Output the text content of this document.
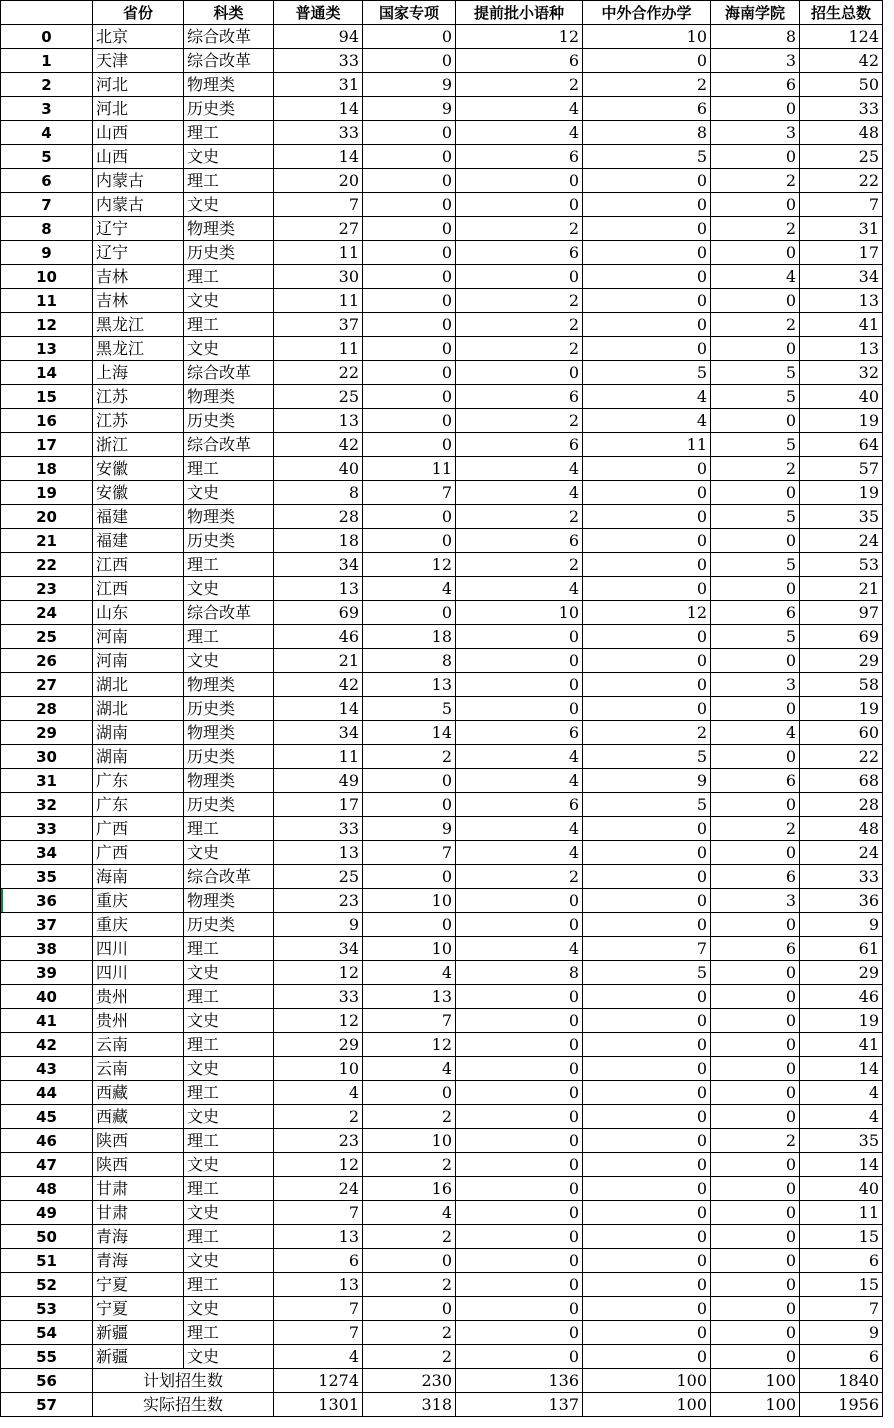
	省份	科类	普通类	国家专项	提前批小语种	中外合作办学	海南学院	招生总数
0	北京	综合改革	94	0	12	10	8	124
1	天津	综合改革	33	0	6	0	3	42
2	河北	物理类	31	9	2	2	6	50
3	河北	历史类	14	9	4	6	0	33
4	山西	理工	33	0	4	8	3	48
5	山西	文史	14	0	6	5	0	25
6	内蒙古	理工	20	0	0	0	2	22
7	内蒙古	文史	7	0	0	0	0	7
8	辽宁	物理类	27	0	2	0	2	31
9	辽宁	历史类	11	0	6	0	0	17
10	吉林	理工	30	0	0	0	4	34
11	吉林	文史	11	0	2	0	0	13
12	黑龙江	理工	37	0	2	0	2	41
13	黑龙江	文史	11	0	2	0	0	13
14	上海	综合改革	22	0	0	5	5	32
15	江苏	物理类	25	0	6	4	5	40
16	江苏	历史类	13	0	2	4	0	19
17	浙江	综合改革	42	0	6	11	5	64
18	安徽	理工	40	11	4	0	2	57
19	安徽	文史	8	7	4	0	0	19
20	福建	物理类	28	0	2	0	5	35
21	福建	历史类	18	0	6	0	0	24
22	江西	理工	34	12	2	0	5	53
23	江西	文史	13	4	4	0	0	21
24	山东	综合改革	69	0	10	12	6	97
25	河南	理工	46	18	0	0	5	69
26	河南	文史	21	8	0	0	0	29
27	湖北	物理类	42	13	0	0	3	58
28	湖北	历史类	14	5	0	0	0	19
29	湖南	物理类	34	14	6	2	4	60
30	湖南	历史类	11	2	4	5	0	22
31	广东	物理类	49	0	4	9	6	68
32	广东	历史类	17	0	6	5	0	28
33	广西	理工	33	9	4	0	2	48
34	广西	文史	13	7	4	0	0	24
35	海南	综合改革	25	0	2	0	6	33
36	重庆	物理类	23	10	0	0	3	36
37	重庆	历史类	9	0	0	0	0	9
38	四川	理工	34	10	4	7	6	61
39	四川	文史	12	4	8	5	0	29
40	贵州	理工	33	13	0	0	0	46
41	贵州	文史	12	7	0	0	0	19
42	云南	理工	29	12	0	0	0	41
43	云南	文史	10	4	0	0	0	14
44	西藏	理工	4	0	0	0	0	4
45	西藏	文史	2	2	0	0	0	4
46	陕西	理工	23	10	0	0	2	35
47	陕西	文史	12	2	0	0	0	14
48	甘肃	理工	24	16	0	0	0	40
49	甘肃	文史	7	4	0	0	0	11
50	青海	理工	13	2	0	0	0	15
51	青海	文史	6	0	0	0	0	6
52	宁夏	理工	13	2	0	0	0	15
53	宁夏	文史	7	0	0	0	0	7
54	新疆	理工	7	2	0	0	0	9
55	新疆	文史	4	2	0	0	0	6
56	计划招生数		1274	230	136	100	100	1840
57	实际招生数		1301	318	137	100	100	1956
